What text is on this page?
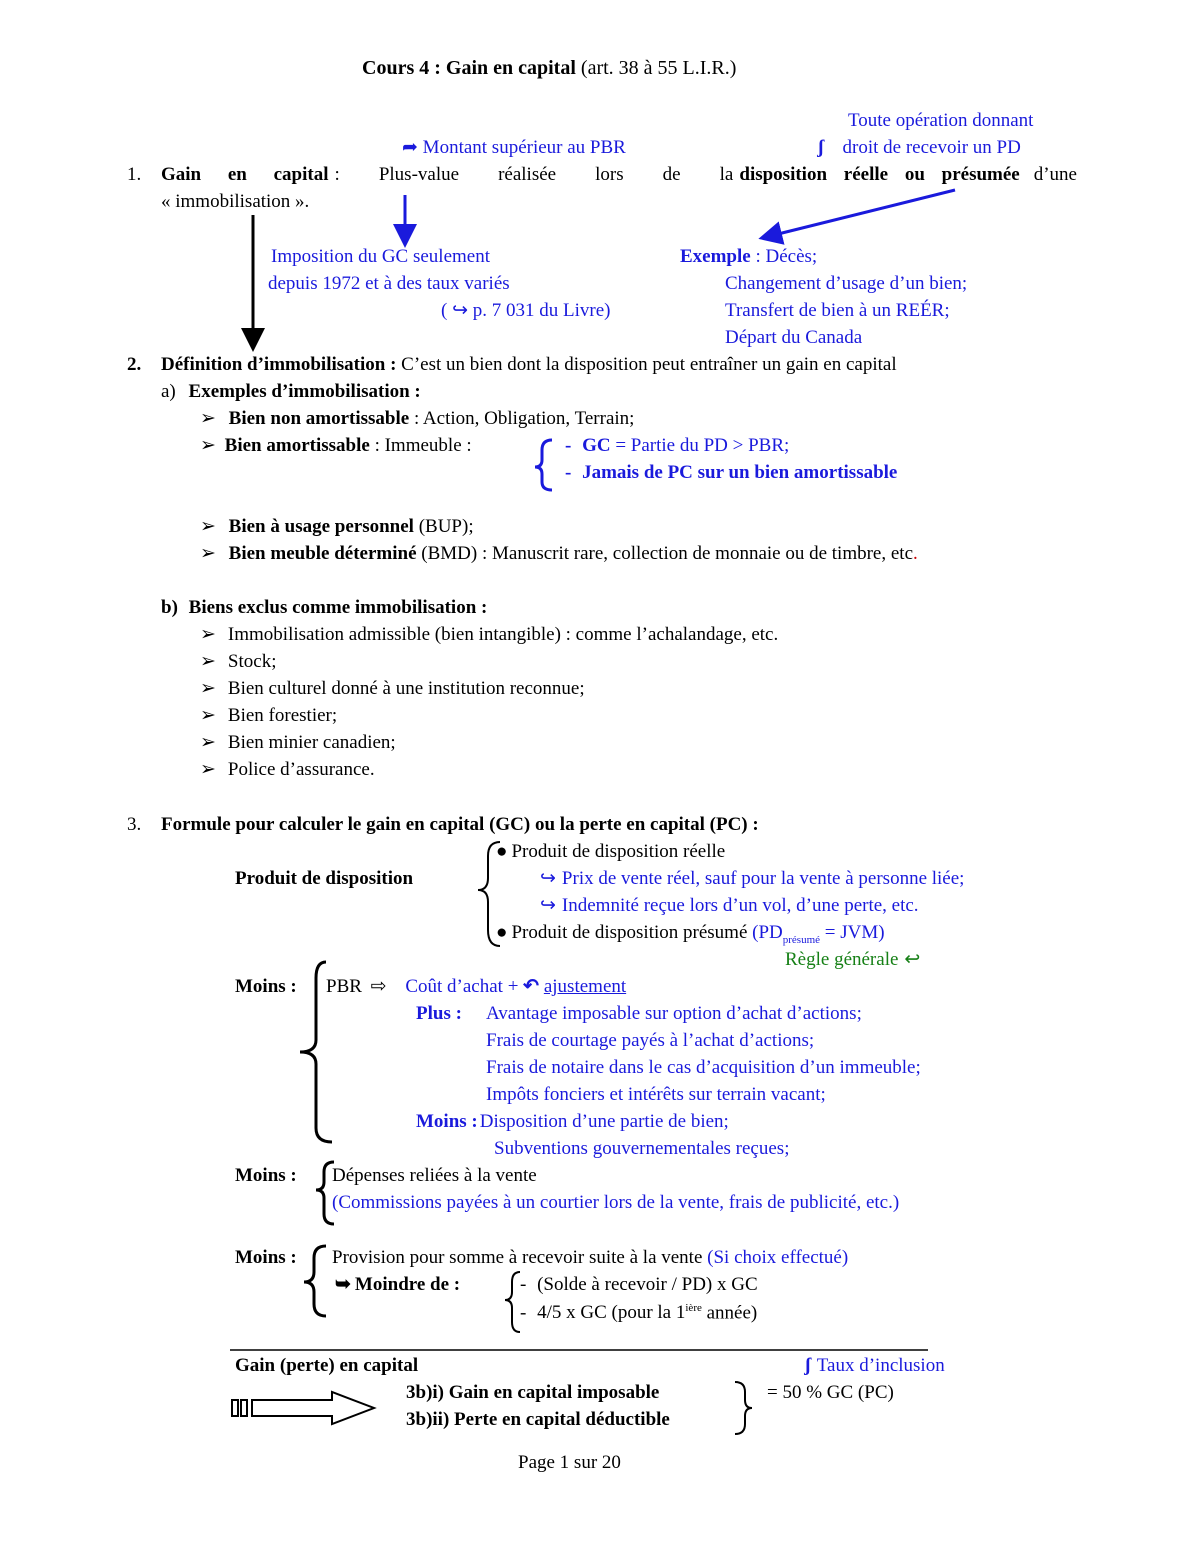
Cours 4 : Gain en capital (art. 38 à 55 L.I.R.)
Toute opération donnant
➦ Montant supérieur au PBR	ʃ droit de recevoir un PD
1. Gain en capital : Plus-value réalisée lors de la disposition réelle ou présumée d’une
« immobilisation ».
Imposition du GC seulement
depuis 1972 et à des taux variés
( ↪ p. 7 031 du Livre)
Exemple : Décès;
Changement d’usage d’un bien;
Transfert de bien à un REÉR;
Départ du Canada
2. Définition d’immobilisation : C’est un bien dont la disposition peut entraîner un gain en capital
a) Exemples d’immobilisation :
➢ Bien non amortissable : Action, Obligation, Terrain;
➢ Bien amortissable : Immeuble :	- GC = Partie du PD > PBR;
- Jamais de PC sur un bien amortissable
➢ Bien à usage personnel (BUP);
➢ Bien meuble déterminé (BMD) : Manuscrit rare, collection de monnaie ou de timbre, etc.
b) Biens exclus comme immobilisation :
➢ Immobilisation admissible (bien intangible) : comme l’achalandage, etc.
➢ Stock;
➢ Bien culturel donné à une institution reconnue;
➢ Bien forestier;
➢ Bien minier canadien;
➢ Police d’assurance.
3. Formule pour calculer le gain en capital (GC) ou la perte en capital (PC) :
Produit de disposition
● Produit de disposition réelle
↪ Prix de vente réel, sauf pour la vente à personne liée;
↪ Indemnité reçue lors d’un vol, d’une perte, etc.
● Produit de disposition présumé $(PD_{présumé} = JVM)$
Règle générale ↩
Moins : PBR ⇨ Coût d’achat + ↶ ajustement
Plus : Avantage imposable sur option d’achat d’actions;
Frais de courtage payés à l’achat d’actions;
Frais de notaire dans le cas d’acquisition d’un immeuble;
Impôts fonciers et intérêts sur terrain vacant;
Moins : Disposition d’une partie de bien;
Subventions gouvernementales reçues;
Moins : Dépenses reliées à la vente
(Commissions payées à un courtier lors de la vente, frais de publicité, etc.)
Moins : Provision pour somme à recevoir suite à la vente (Si choix effectué)
➥ Moindre de :	- (Solde à recevoir / PD) x GC
- 4/5 x GC (pour la $1^{ière}$ année)
Gain (perte) en capital	ʃ Taux d’inclusion
3b)i) Gain en capital imposable
3b)ii) Perte en capital déductible
= 50 % GC (PC)
Page 1 sur 20
